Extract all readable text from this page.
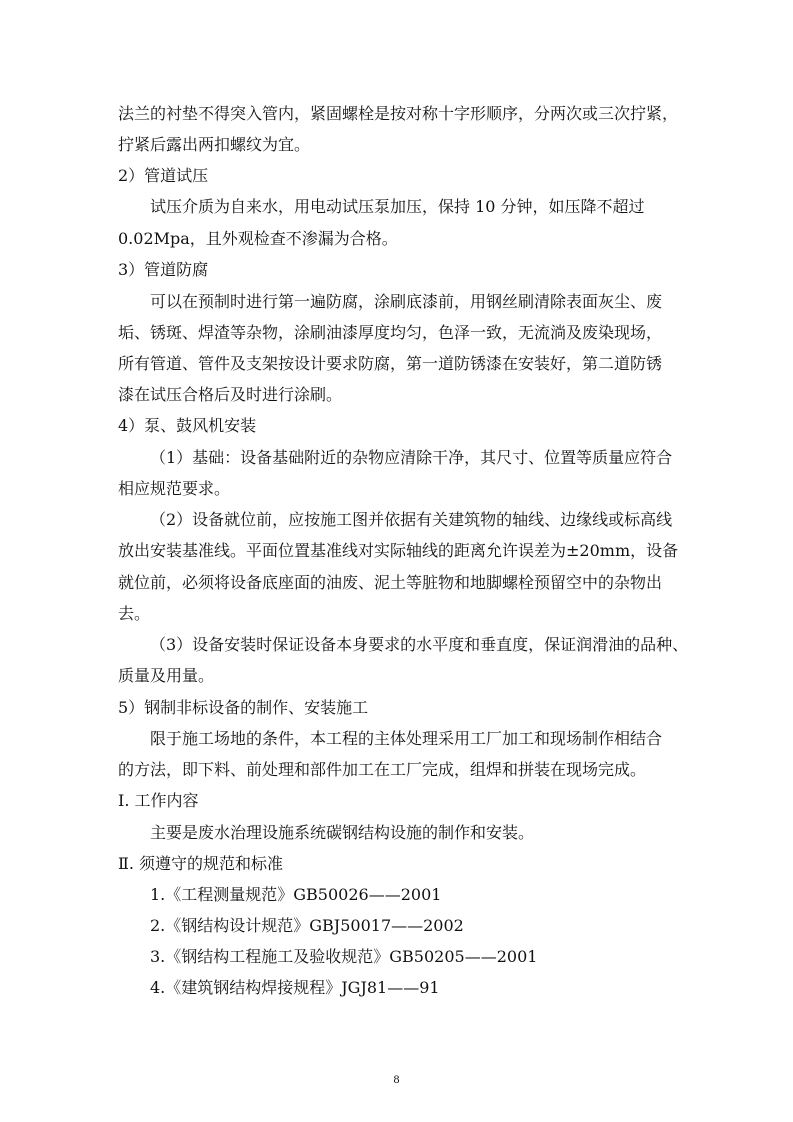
法兰的衬垫不得突入管内，紧固螺栓是按对称十字形顺序，分两次或三次拧紧，
拧紧后露出两扣螺纹为宜。
2）管道试压
试压介质为自来水，用电动试压泵加压，保持 10 分钟，如压降不超过
0.02Mpa，且外观检查不渗漏为合格。
3）管道防腐
可以在预制时进行第一遍防腐，涂刷底漆前，用钢丝刷清除表面灰尘、废
垢、锈斑、焊渣等杂物，涂刷油漆厚度均匀，色泽一致，无流淌及废染现场，
所有管道、管件及支架按设计要求防腐，第一道防锈漆在安装好，第二道防锈
漆在试压合格后及时进行涂刷。
4）泵、鼓风机安装
（1）基础：设备基础附近的杂物应清除干净，其尺寸、位置等质量应符合
相应规范要求。
（2）设备就位前，应按施工图并依据有关建筑物的轴线、边缘线或标高线
放出安装基准线。平面位置基准线对实际轴线的距离允许误差为±20mm，设备
就位前，必须将设备底座面的油废、泥土等脏物和地脚螺栓预留空中的杂物出
去。
（3）设备安装时保证设备本身要求的水平度和垂直度，保证润滑油的品种、
质量及用量。
5）钢制非标设备的制作、安装施工
限于施工场地的条件，本工程的主体处理采用工厂加工和现场制作相结合
的方法，即下料、前处理和部件加工在工厂完成，组焊和拼装在现场完成。
Ⅰ. 工作内容
主要是废水治理设施系统碳钢结构设施的制作和安装。
Ⅱ. 须遵守的规范和标准
1.《工程测量规范》GB50026——2001
2.《钢结构设计规范》GBJ50017——2002
3.《钢结构工程施工及验收规范》GB50205——2001
4.《建筑钢结构焊接规程》JGJ81——91
8
